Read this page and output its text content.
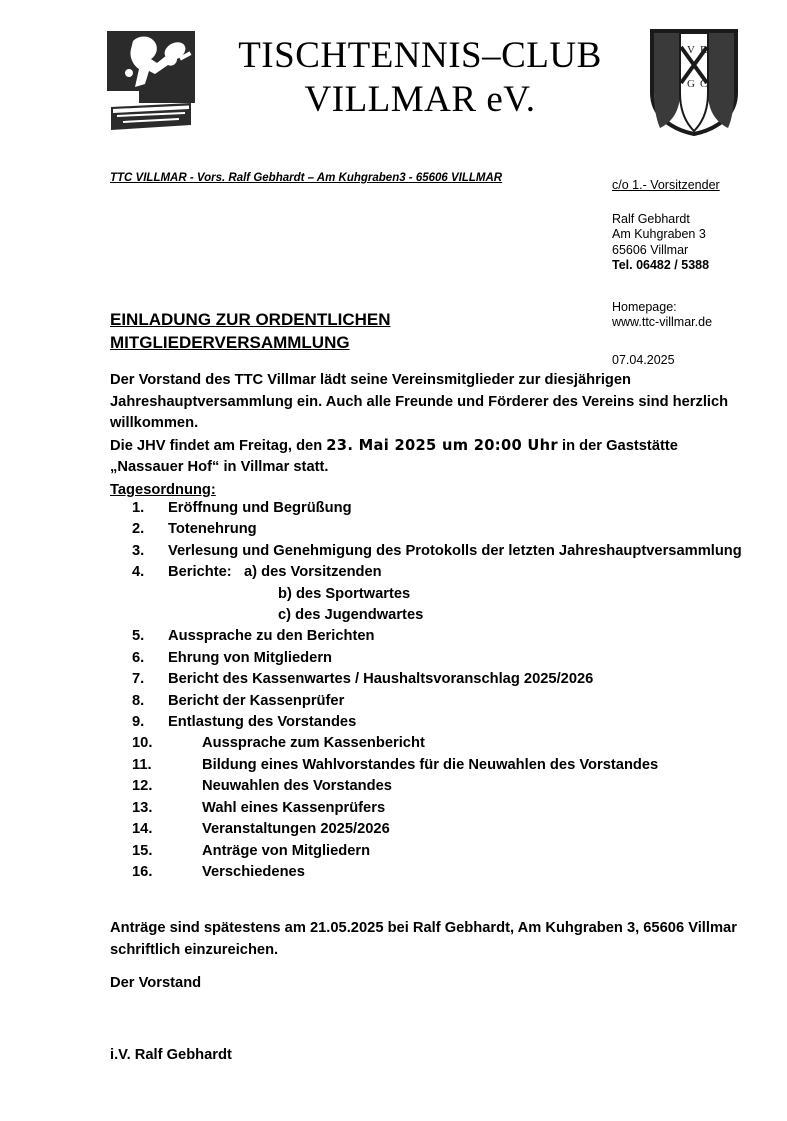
TISCHTENNIS–CLUB
VILLMAR eV.
V R
G C
TTC VILLMAR - Vors. Ralf Gebhardt – Am Kuhgraben3 - 65606 VILLMAR	c/o 1.- Vorsitzender
Ralf Gebhardt
Am Kuhgraben 3
65606 Villmar
Tel. 06482 / 5388
Homepage:
www.ttc-villmar.de
07.04.2025
EINLADUNG ZUR ORDENTLICHEN
MITGLIEDERVERSAMMLUNG

Der Vorstand des TTC Villmar lädt seine Vereinsmitglieder zur diesjährigen Jahreshauptversammlung ein. Auch alle Freunde und Förderer des Vereins sind herzlich willkommen.

Die JHV findet am Freitag, den 23. Mai 2025 um 20:00 Uhr in der Gaststätte „Nassauer Hof“ in Villmar statt.

Tagesordnung:
1.	Eröffnung und Begrüßung
2.	Totenehrung
3.	Verlesung und Genehmigung des Protokolls der letzten Jahreshauptversammlung
4.	Berichte: a) des Vorsitzenden
b) des Sportwartes
c) des Jugendwartes
5.	Aussprache zu den Berichten
6.	Ehrung von Mitgliedern
7.	Bericht des Kassenwartes / Haushaltsvoranschlag 2025/2026
8.	Bericht der Kassenprüfer
9.	Entlastung des Vorstandes
10.	Aussprache zum Kassenbericht
11.	Bildung eines Wahlvorstandes für die Neuwahlen des Vorstandes
12.	Neuwahlen des Vorstandes
13.	Wahl eines Kassenprüfers
14.	Veranstaltungen 2025/2026
15.	Anträge von Mitgliedern
16.	Verschiedenes
Anträge sind spätestens am 21.05.2025 bei Ralf Gebhardt, Am Kuhgraben 3, 65606 Villmar schriftlich einzureichen.
Der Vorstand
i.V. Ralf Gebhardt
